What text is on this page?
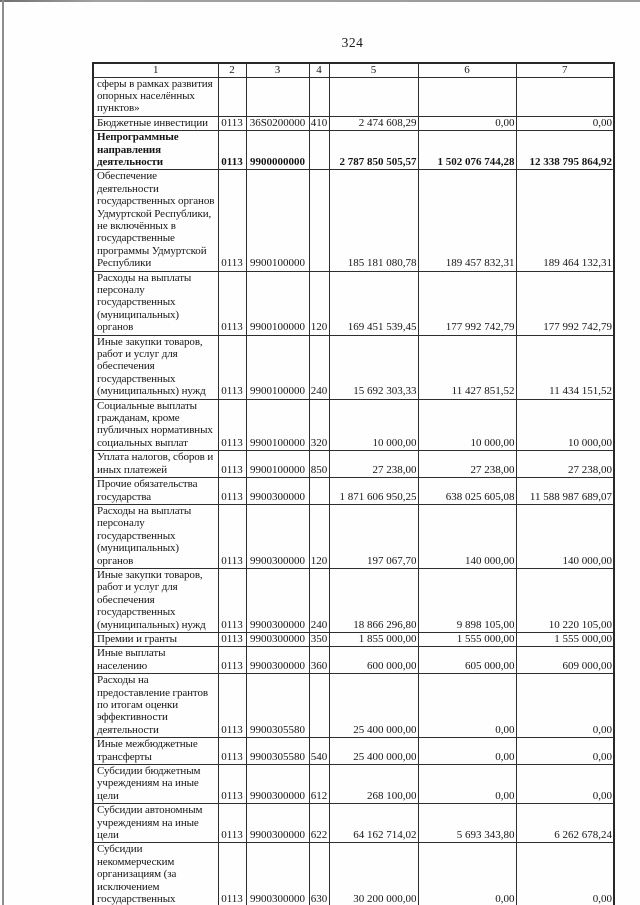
324
1	2	3	4	5	6	7
сферы в рамках развития
опорных населённых
пунктов»						
Бюджетные инвестиции	0113	36S0200000	410	2 474 608,29	0,00	0,00
Непрограммные
направления
деятельности	0113	9900000000		2 787 850 505,57	1 502 076 744,28	12 338 795 864,92
Обеспечение
деятельности
государственных органов
Удмуртской Республики,
не включённых в
государственные
программы Удмуртской
Республики	0113	9900100000		185 181 080,78	189 457 832,31	189 464 132,31
Расходы на выплаты
персоналу
государственных
(муниципальных) органов	0113	9900100000	120	169 451 539,45	177 992 742,79	177 992 742,79
Иные закупки товаров,
работ и услуг для
обеспечения
государственных
(муниципальных) нужд	0113	9900100000	240	15 692 303,33	11 427 851,52	11 434 151,52
Социальные выплаты
гражданам, кроме
публичных нормативных
социальных выплат	0113	9900100000	320	10 000,00	10 000,00	10 000,00
Уплата налогов, сборов и
иных платежей	0113	9900100000	850	27 238,00	27 238,00	27 238,00
Прочие обязательства
государства	0113	9900300000		1 871 606 950,25	638 025 605,08	11 588 987 689,07
Расходы на выплаты
персоналу
государственных
(муниципальных) органов	0113	9900300000	120	197 067,70	140 000,00	140 000,00
Иные закупки товаров,
работ и услуг для
обеспечения
государственных
(муниципальных) нужд	0113	9900300000	240	18 866 296,80	9 898 105,00	10 220 105,00
Премии и гранты	0113	9900300000	350	1 855 000,00	1 555 000,00	1 555 000,00
Иные выплаты населению	0113	9900300000	360	600 000,00	605 000,00	609 000,00
Расходы на
предоставление грантов
по итогам оценки
эффективности
деятельности	0113	9900305580		25 400 000,00	0,00	0,00
Иные межбюджетные
трансферты	0113	9900305580	540	25 400 000,00	0,00	0,00
Субсидии бюджетным
учреждениям на иные
цели	0113	9900300000	612	268 100,00	0,00	0,00
Субсидии автономным
учреждениям на иные
цели	0113	9900300000	622	64 162 714,02	5 693 343,80	6 262 678,24
Субсидии
некоммерческим
организациям (за
исключением
государственных	0113	9900300000	630	30 200 000,00	0,00	0,00
